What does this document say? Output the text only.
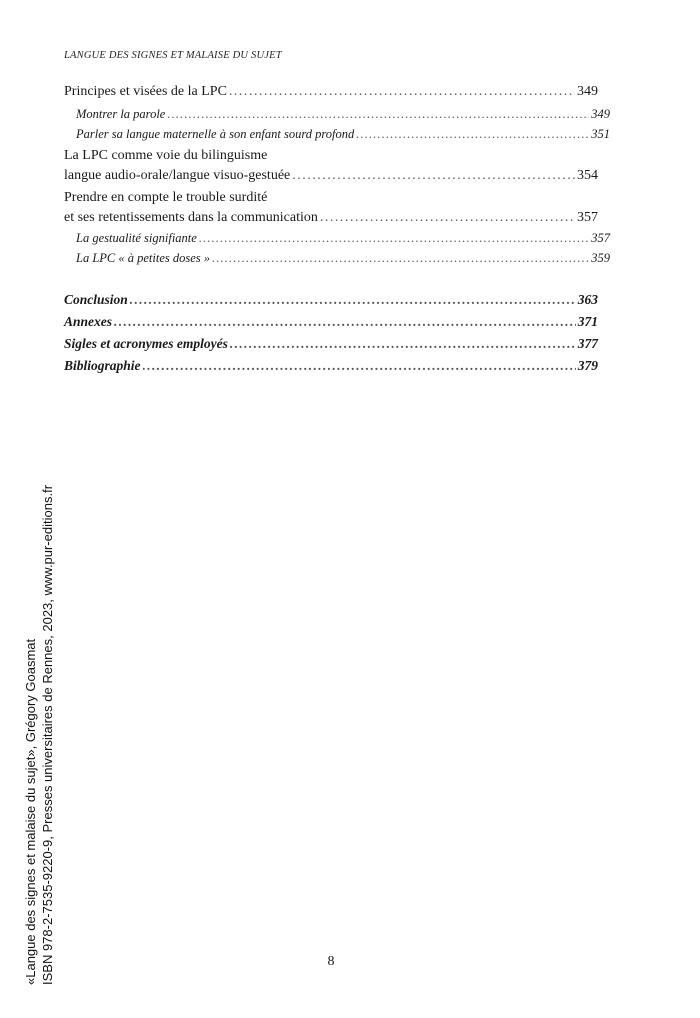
LANGUE DES SIGNES ET MALAISE DU SUJET
Principes et visées de la LPC . . .	349
Montrer la parole . . .	349
Parler sa langue maternelle à son enfant sourd profond . . .	351
La LPC comme voie du bilinguisme
langue audio-orale/langue visuo-gestuée . . .	354
Prendre en compte le trouble surdité
et ses retentissements dans la communication . . .	357
La gestualité signifiante . . .	357
La LPC « à petites doses » . . .	359
Conclusion . . .	363
Annexes . . .	371
Sigles et acronymes employés . . .	377
Bibliographie . . .	379
«Langue des signes et malaise du sujet», Grégory Goasmat ISBN 978-2-7535-9220-9, Presses universitaires de Rennes, 2023, www.pur-editions.fr	8
